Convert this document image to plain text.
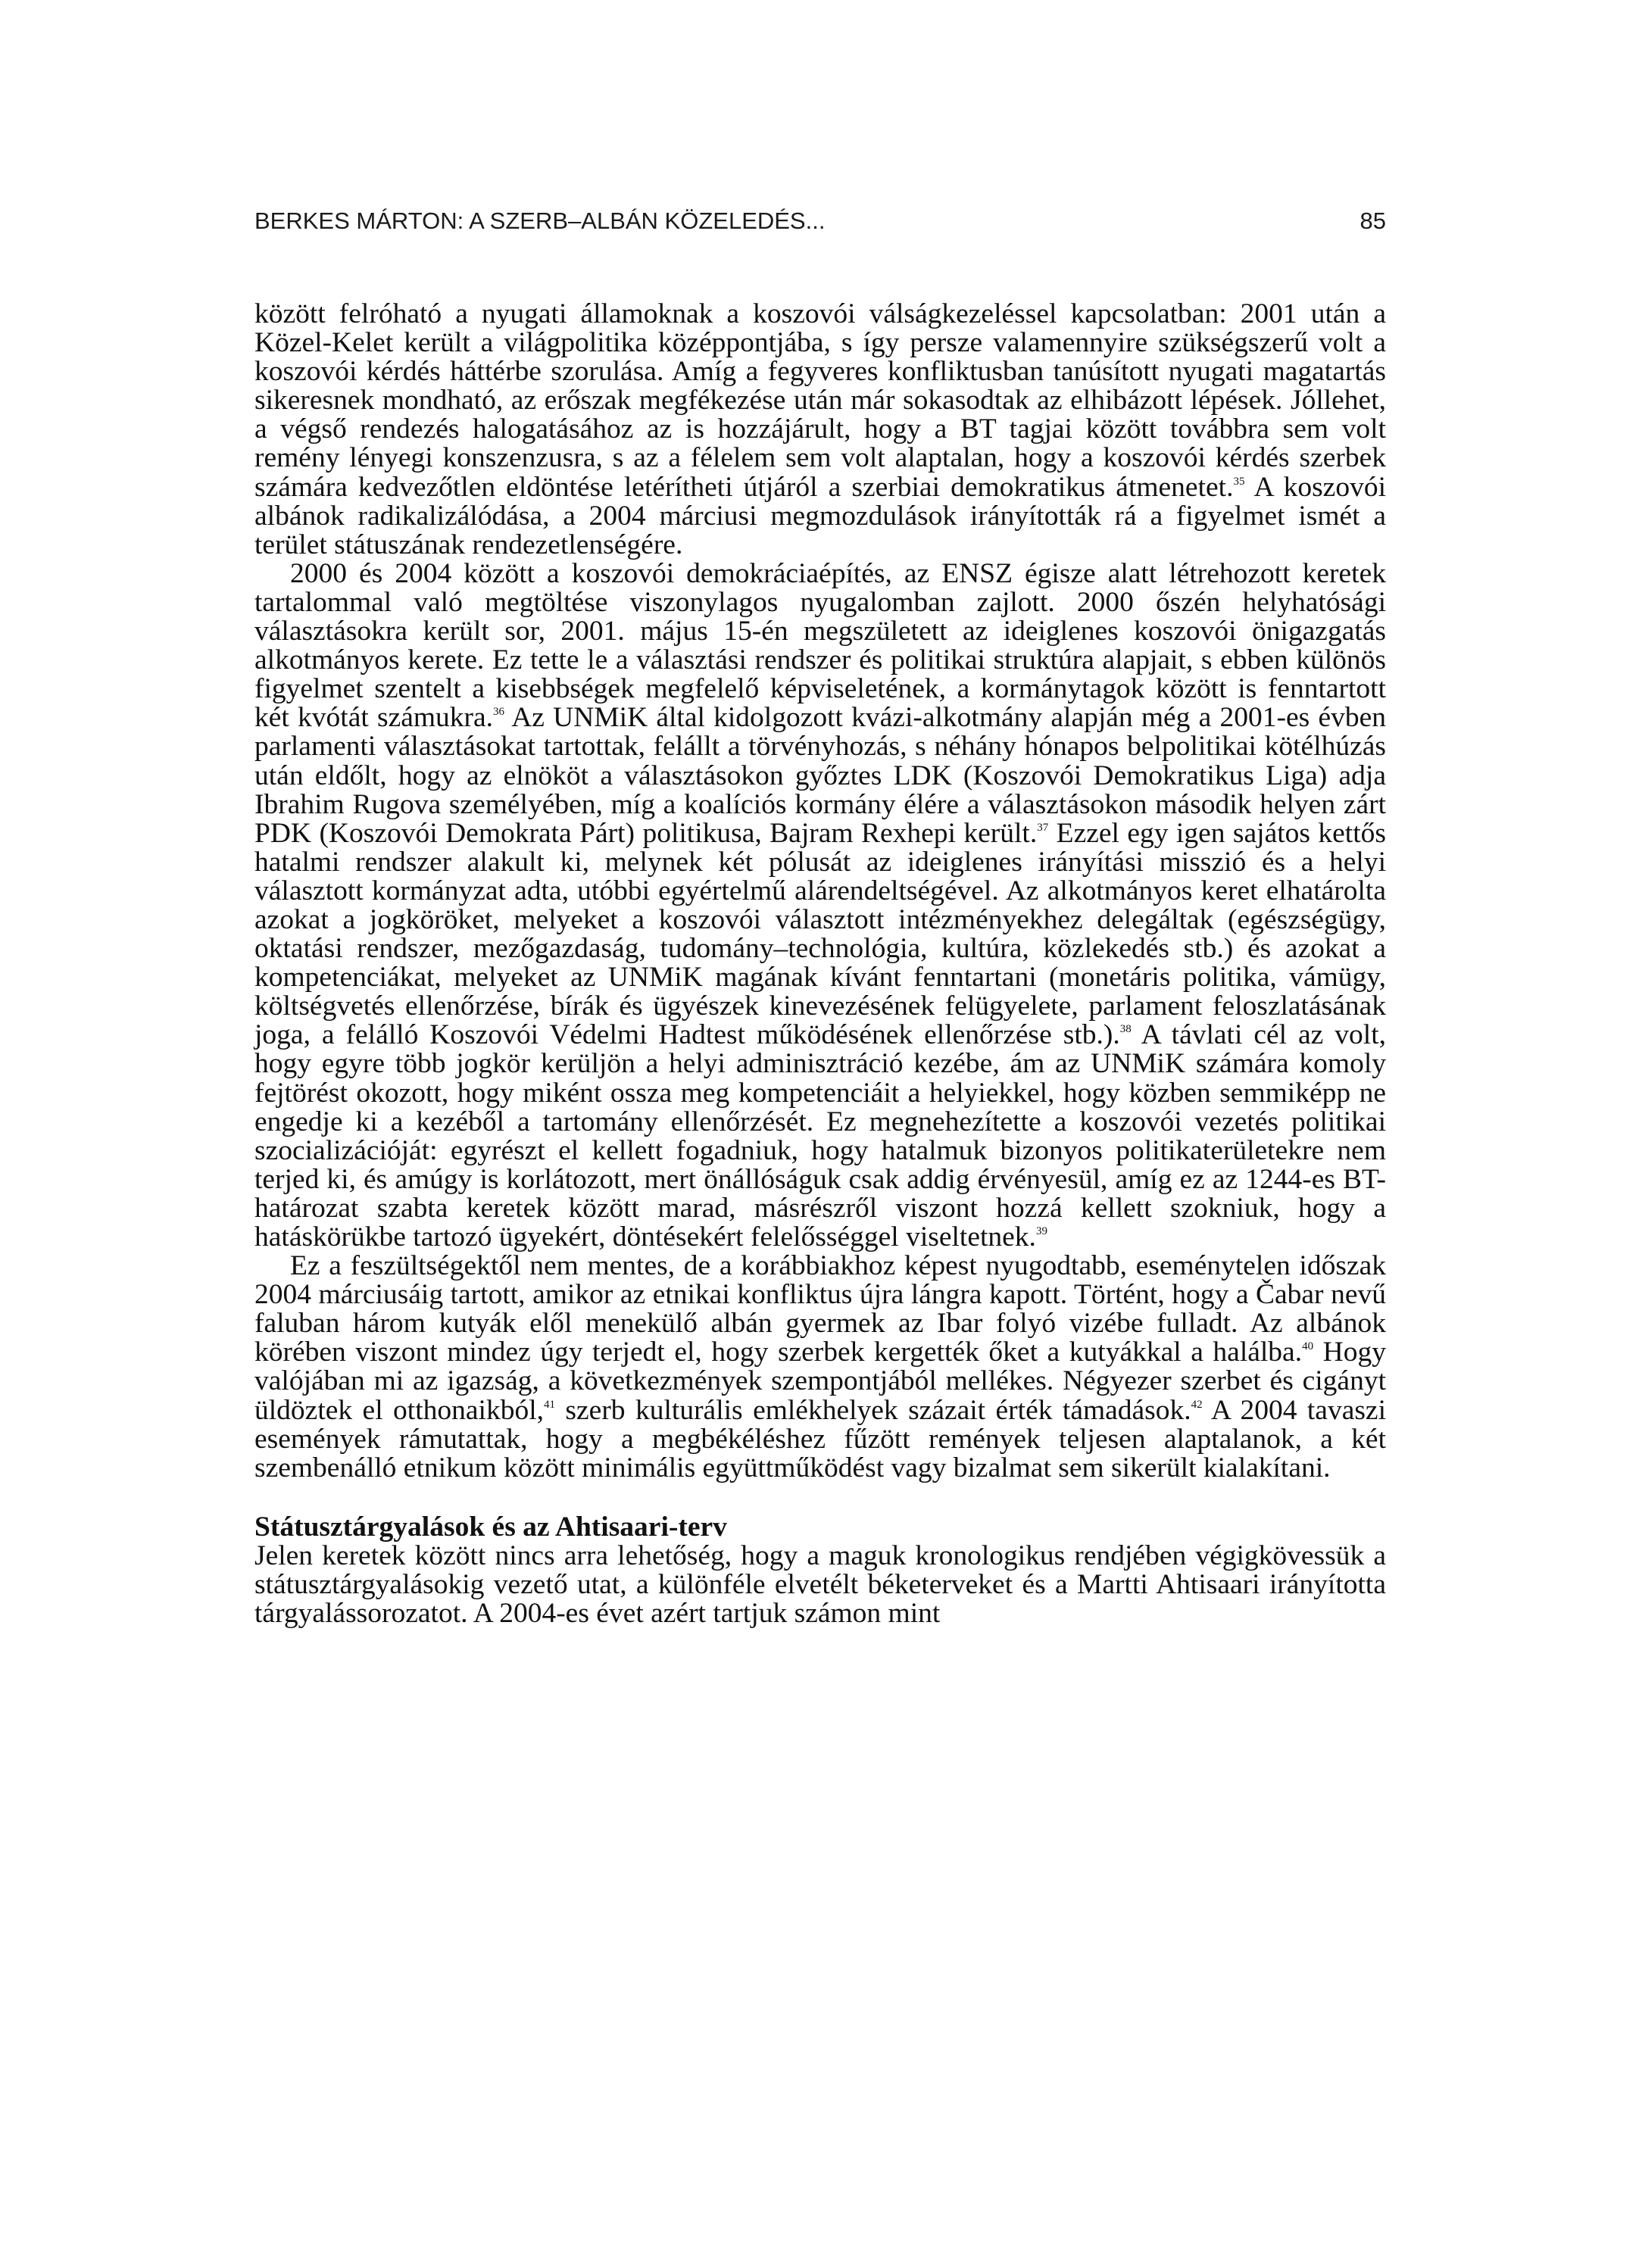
BERKES MÁRTON: A SZERB–ALBÁN KÖZELEDÉS...	85

között felróható a nyugati államoknak a koszovói válságkezeléssel kapcsolatban: 2001 után a Közel-Kelet került a világpolitika középpontjába, s így persze valamennyire szükségszerű volt a koszovói kérdés háttérbe szorulása. Amíg a fegyveres konfliktusban tanúsított nyugati magatartás sikeresnek mondható, az erőszak megfékezése után már sokasodtak az elhibázott lépések. Jóllehet, a végső rendezés halogatásához az is hozzájárult, hogy a BT tagjai között továbbra sem volt remény lényegi konszenzusra, s az a félelem sem volt alaptalan, hogy a koszovói kérdés szerbek számára kedvezőtlen eldöntése letérítheti útjáról a szerbiai demokratikus átmenetet.$^{35}$ A koszovói albánok radikalizálódása, a 2004 márciusi megmozdulások irányították rá a figyelmet ismét a terület státuszának rendezetlenségére.

2000 és 2004 között a koszovói demokráciaépítés, az ENSZ égisze alatt létrehozott keretek tartalommal való megtöltése viszonylagos nyugalomban zajlott. 2000 őszén helyhatósági választásokra került sor, 2001. május 15-én megszületett az ideiglenes koszovói önigazgatás alkotmányos kerete. Ez tette le a választási rendszer és politikai struktúra alapjait, s ebben különös figyelmet szentelt a kisebbségek megfelelő képviseletének, a kormánytagok között is fenntartott két kvótát számukra.$^{36}$ Az UNMiK által kidolgozott kvázi-alkotmány alapján még a 2001-es évben parlamenti választásokat tartottak, felállt a törvényhozás, s néhány hónapos belpolitikai kötélhúzás után eldőlt, hogy az elnököt a választásokon győztes LDK (Koszovói Demokratikus Liga) adja Ibrahim Rugova személyében, míg a koalíciós kormány élére a választásokon második helyen zárt PDK (Koszovói Demokrata Párt) politikusa, Bajram Rexhepi került.$^{37}$ Ezzel egy igen sajátos kettős hatalmi rendszer alakult ki, melynek két pólusát az ideiglenes irányítási misszió és a helyi választott kormányzat adta, utóbbi egyértelmű alárendeltségével. Az alkotmányos keret elhatárolta azokat a jogköröket, melyeket a koszovói választott intézményekhez delegáltak (egészségügy, oktatási rendszer, mezőgazdaság, tudomány–technológia, kultúra, közlekedés stb.) és azokat a kompetenciákat, melyeket az UNMiK magának kívánt fenntartani (monetáris politika, vámügy, költségvetés ellenőrzése, bírák és ügyészek kinevezésének felügyelete, parlament feloszlatásának joga, a felálló Koszovói Védelmi Hadtest működésének ellenőrzése stb.).$^{38}$ A távlati cél az volt, hogy egyre több jogkör kerüljön a helyi adminisztráció kezébe, ám az UNMiK számára komoly fejtörést okozott, hogy miként ossza meg kompetenciáit a helyiekkel, hogy közben semmiképp ne engedje ki a kezéből a tartomány ellenőrzését. Ez megnehezítette a koszovói vezetés politikai szocializációját: egyrészt el kellett fogadniuk, hogy hatalmuk bizonyos politikaterületekre nem terjed ki, és amúgy is korlátozott, mert önállóságuk csak addig érvényesül, amíg ez az 1244-es BT-határozat szabta keretek között marad, másrészről viszont hozzá kellett szokniuk, hogy a hatáskörükbe tartozó ügyekért, döntésekért felelősséggel viseltetnek.$^{39}$

Ez a feszültségektől nem mentes, de a korábbiakhoz képest nyugodtabb, eseménytelen időszak 2004 márciusáig tartott, amikor az etnikai konfliktus újra lángra kapott. Történt, hogy a Čabar nevű faluban három kutyák elől menekülő albán gyermek az Ibar folyó vizébe fulladt. Az albánok körében viszont mindez úgy terjedt el, hogy szerbek kergették őket a kutyákkal a halálba.$^{40}$ Hogy valójában mi az igazság, a következmények szempontjából mellékes. Négyezer szerbet és cigányt üldöztek el otthonaikból,$^{41}$ szerb kulturális emlékhelyek százait érték támadások.$^{42}$ A 2004 tavaszi események rámutattak, hogy a megbékéléshez fűzött remények teljesen alaptalanok, a két szembenálló etnikum között minimális együttműködést vagy bizalmat sem sikerült kialakítani.

Státusztárgyalások és az Ahtisaari-terv

Jelen keretek között nincs arra lehetőség, hogy a maguk kronologikus rendjében végigkövessük a státusztárgyalásokig vezető utat, a különféle elvetélt béketerveket és a Martti Ahtisaari irányította tárgyalássorozatot. A 2004-es évet azért tartjuk számon mint
